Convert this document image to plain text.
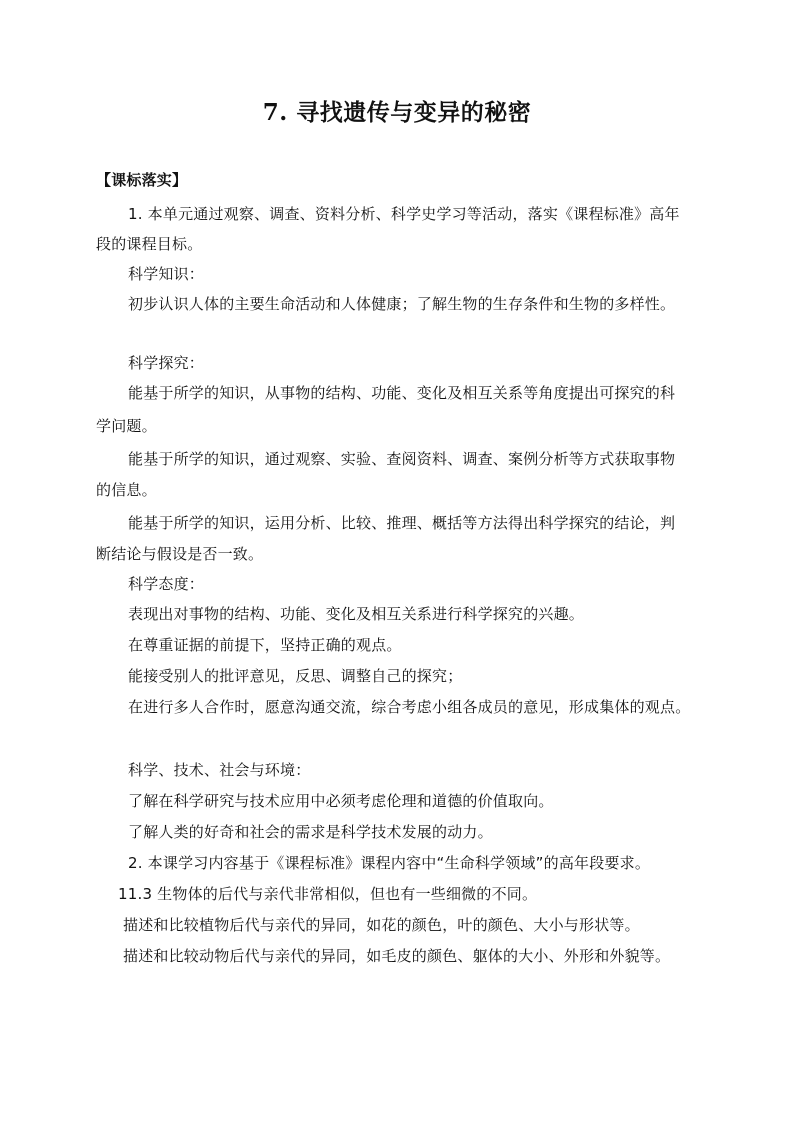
7. 寻找遗传与变异的秘密
【课标落实】
1. 本单元通过观察、调查、资料分析、科学史学习等活动，落实《课程标准》高年
段的课程目标。
科学知识：
初步认识人体的主要生命活动和人体健康；了解生物的生存条件和生物的多样性。
科学探究：
能基于所学的知识，从事物的结构、功能、变化及相互关系等角度提出可探究的科
学问题。
能基于所学的知识，通过观察、实验、查阅资料、调查、案例分析等方式获取事物
的信息。
能基于所学的知识，运用分析、比较、推理、概括等方法得出科学探究的结论，判
断结论与假设是否一致。
科学态度：
表现出对事物的结构、功能、变化及相互关系进行科学探究的兴趣。
在尊重证据的前提下，坚持正确的观点。
能接受别人的批评意见，反思、调整自己的探究；
在进行多人合作时，愿意沟通交流，综合考虑小组各成员的意见，形成集体的观点。
科学、技术、社会与环境：
了解在科学研究与技术应用中必须考虑伦理和道德的价值取向。
了解人类的好奇和社会的需求是科学技术发展的动力。
2. 本课学习内容基于《课程标准》课程内容中“生命科学领域”的高年段要求。
11.3 生物体的后代与亲代非常相似，但也有一些细微的不同。
描述和比较植物后代与亲代的异同，如花的颜色，叶的颜色、大小与形状等。
描述和比较动物后代与亲代的异同，如毛皮的颜色、躯体的大小、外形和外貌等。
